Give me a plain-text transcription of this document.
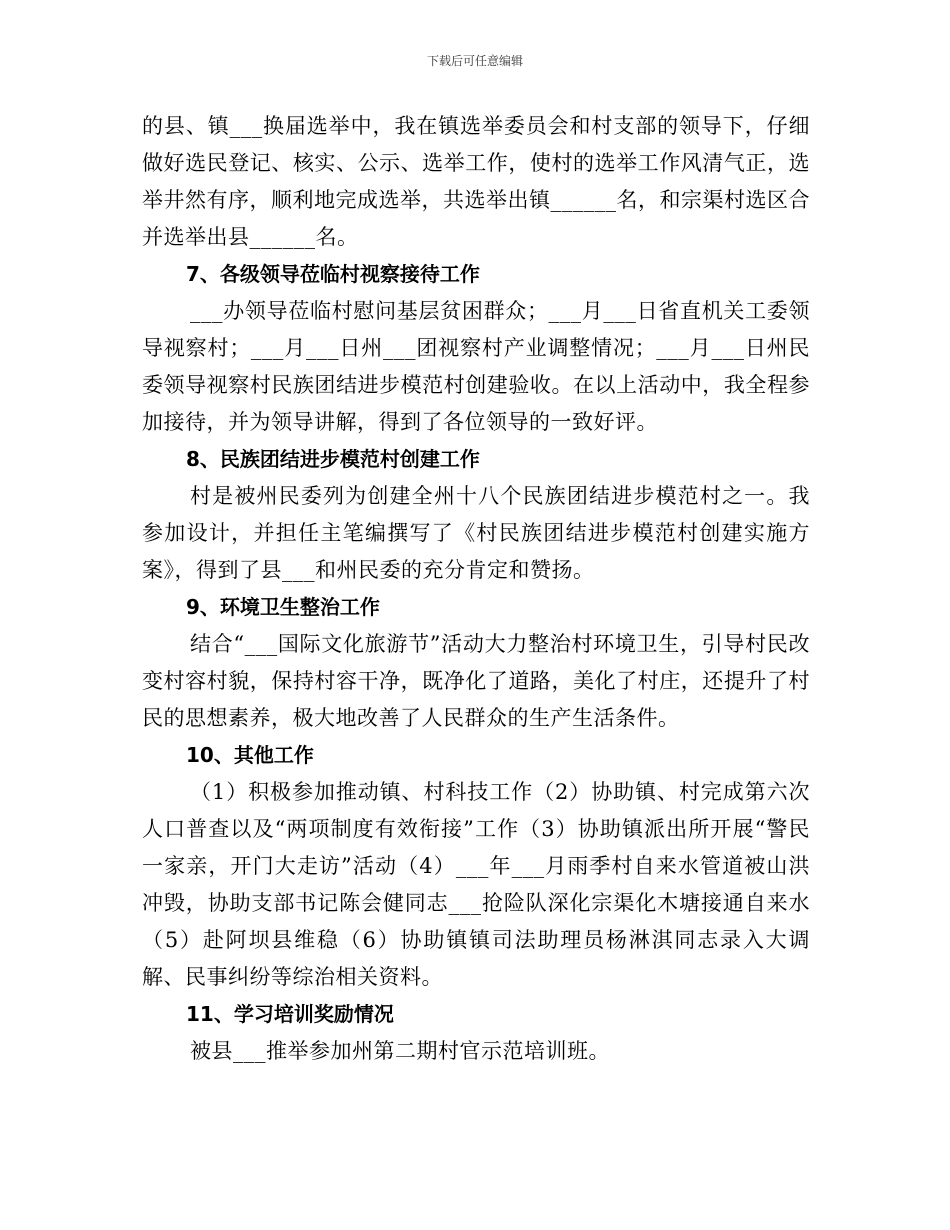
下载后可任意编辑

的县、镇___换届选举中，我在镇选举委员会和村支部的领导下，仔细做好选民登记、核实、公示、选举工作，使村的选举工作风清气正，选举井然有序，顺利地完成选举，共选举出镇______名，和宗渠村选区合并选举出县______名。

7、各级领导莅临村视察接待工作

___办领导莅临村慰问基层贫困群众；___月___日省直机关工委领导视察村；___月___日州___团视察村产业调整情况；___月___日州民委领导视察村民族团结进步模范村创建验收。在以上活动中，我全程参加接待，并为领导讲解，得到了各位领导的一致好评。

8、民族团结进步模范村创建工作

村是被州民委列为创建全州十八个民族团结进步模范村之一。我参加设计，并担任主笔编撰写了《村民族团结进步模范村创建实施方案》，得到了县___和州民委的充分肯定和赞扬。

9、环境卫生整治工作

结合“___国际文化旅游节”活动大力整治村环境卫生，引导村民改变村容村貌，保持村容干净，既净化了道路，美化了村庄，还提升了村民的思想素养，极大地改善了人民群众的生产生活条件。

10、其他工作

（1）积极参加推动镇、村科技工作（2）协助镇、村完成第六次人口普查以及“两项制度有效衔接”工作（3）协助镇派出所开展“警民一家亲，开门大走访”活动（4）___年___月雨季村自来水管道被山洪冲毁，协助支部书记陈会健同志___抢险队深化宗渠化木塘接通自来水（5）赴阿坝县维稳（6）协助镇镇司法助理员杨淋淇同志录入大调解、民事纠纷等综治相关资料。

11、学习培训奖励情况

被县___推举参加州第二期村官示范培训班。
